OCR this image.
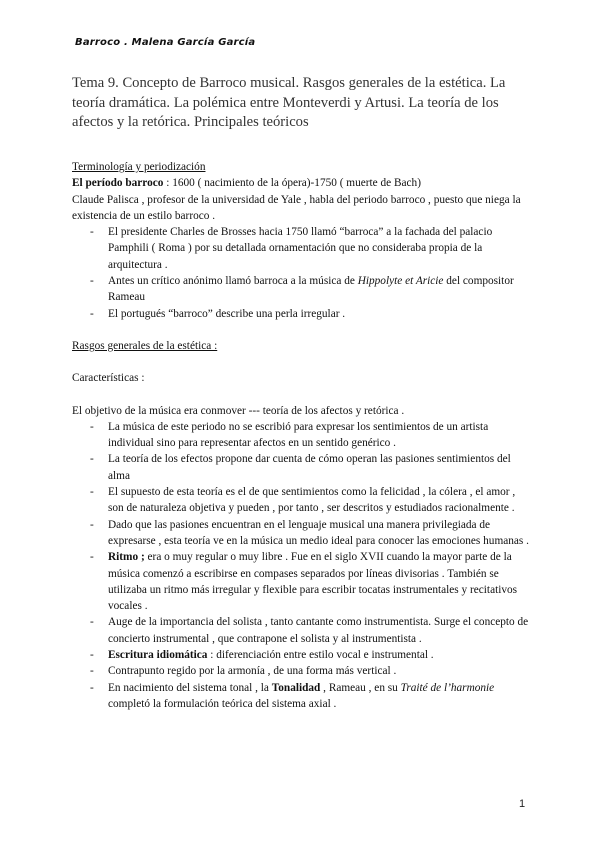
Barroco . Malena García García
Tema 9. Concepto de Barroco musical. Rasgos generales de la estética. La teoría dramática. La polémica entre Monteverdi y Artusi. La teoría de los afectos y la retórica. Principales teóricos

Terminología y periodización

El período barroco : 1600 ( nacimiento de la ópera)-1750 ( muerte de Bach)

Claude Palisca , profesor de la universidad de Yale , habla del periodo barroco , puesto que niega la existencia de un estilo barroco .

- El presidente Charles de Brosses hacia 1750 llamó “barroca” a la fachada del palacio Pamphili ( Roma ) por su detallada ornamentación que no consideraba propia de la arquitectura .
- Antes un crítico anónimo llamó barroca a la música de Hippolyte et Aricie del compositor Rameau
- El portugués “barroco” describe una perla irregular .

Rasgos generales de la estética :

Características :

El objetivo de la música era conmover --- teoría de los afectos y retórica .

- La música de este periodo no se escribió para expresar los sentimientos de un artista individual sino para representar afectos en un sentido genérico .
- La teoría de los efectos propone dar cuenta de cómo operan las pasiones sentimientos del alma
- El supuesto de esta teoría es el de que sentimientos como la felicidad , la cólera , el amor , son de naturaleza objetiva y pueden , por tanto , ser descritos y estudiados racionalmente .
- Dado que las pasiones encuentran en el lenguaje musical una manera privilegiada de expresarse , esta teoría ve en la música un medio ideal para conocer las emociones humanas .
- Ritmo ; era o muy regular o muy libre . Fue en el siglo XVII cuando la mayor parte de la música comenzó a escribirse en compases separados por líneas divisorias . También se utilizaba un ritmo más irregular y flexible para escribir tocatas instrumentales y recitativos vocales .
- Auge de la importancia del solista , tanto cantante como instrumentista. Surge el concepto de concierto instrumental , que contrapone el solista y al instrumentista .
- Escritura idiomática : diferenciación entre estilo vocal e instrumental .
- Contrapunto regido por la armonía , de una forma más vertical .
- En nacimiento del sistema tonal , la Tonalidad , Rameau , en su Traité de l’harmonie completó la formulación teórica del sistema axial .
1
